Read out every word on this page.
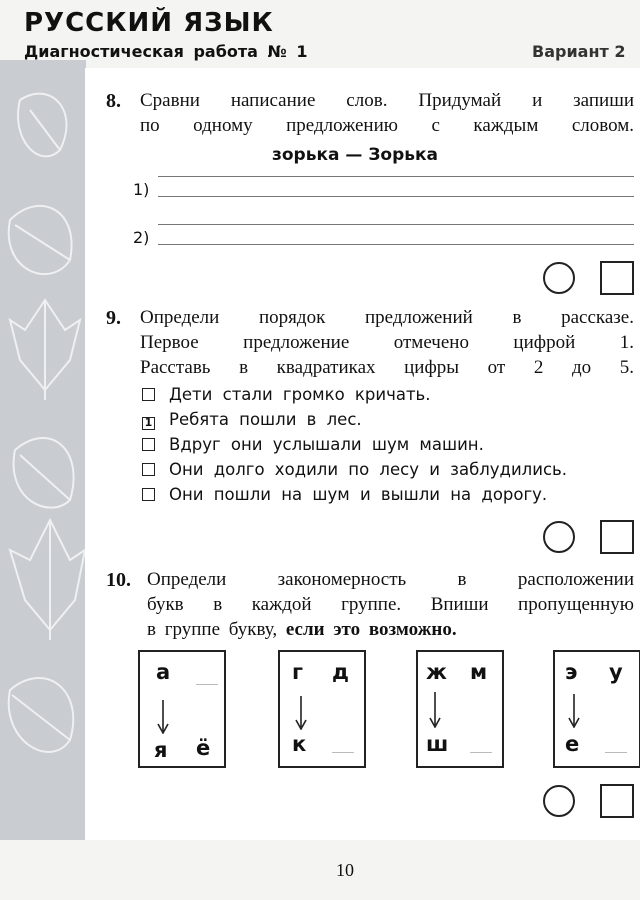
РУССКИЙ ЯЗЫК
Диагностическая работа № 1	Вариант 2
8. Сравни написание слов. Придумай и запиши
по одному предложению с каждым словом.
зорька — Зорька
1)
2)
9. Определи порядок предложений в рассказе.
Первое предложение отмечено цифрой 1.
Расставь в квадратиках цифры от 2 до 5.
Дети стали громко кричать.
1 Ребята пошли в лес.
Вдруг они услышали шум машин.
Они долго ходили по лесу и заблудились.
Они пошли на шум и вышли на дорогу.
10. Определи закономерность в расположении
букв в каждой группе. Впиши пропущенную
в группе букву, если это возможно.
а
я ё
г д
к
ж м
ш
э у
е
10
